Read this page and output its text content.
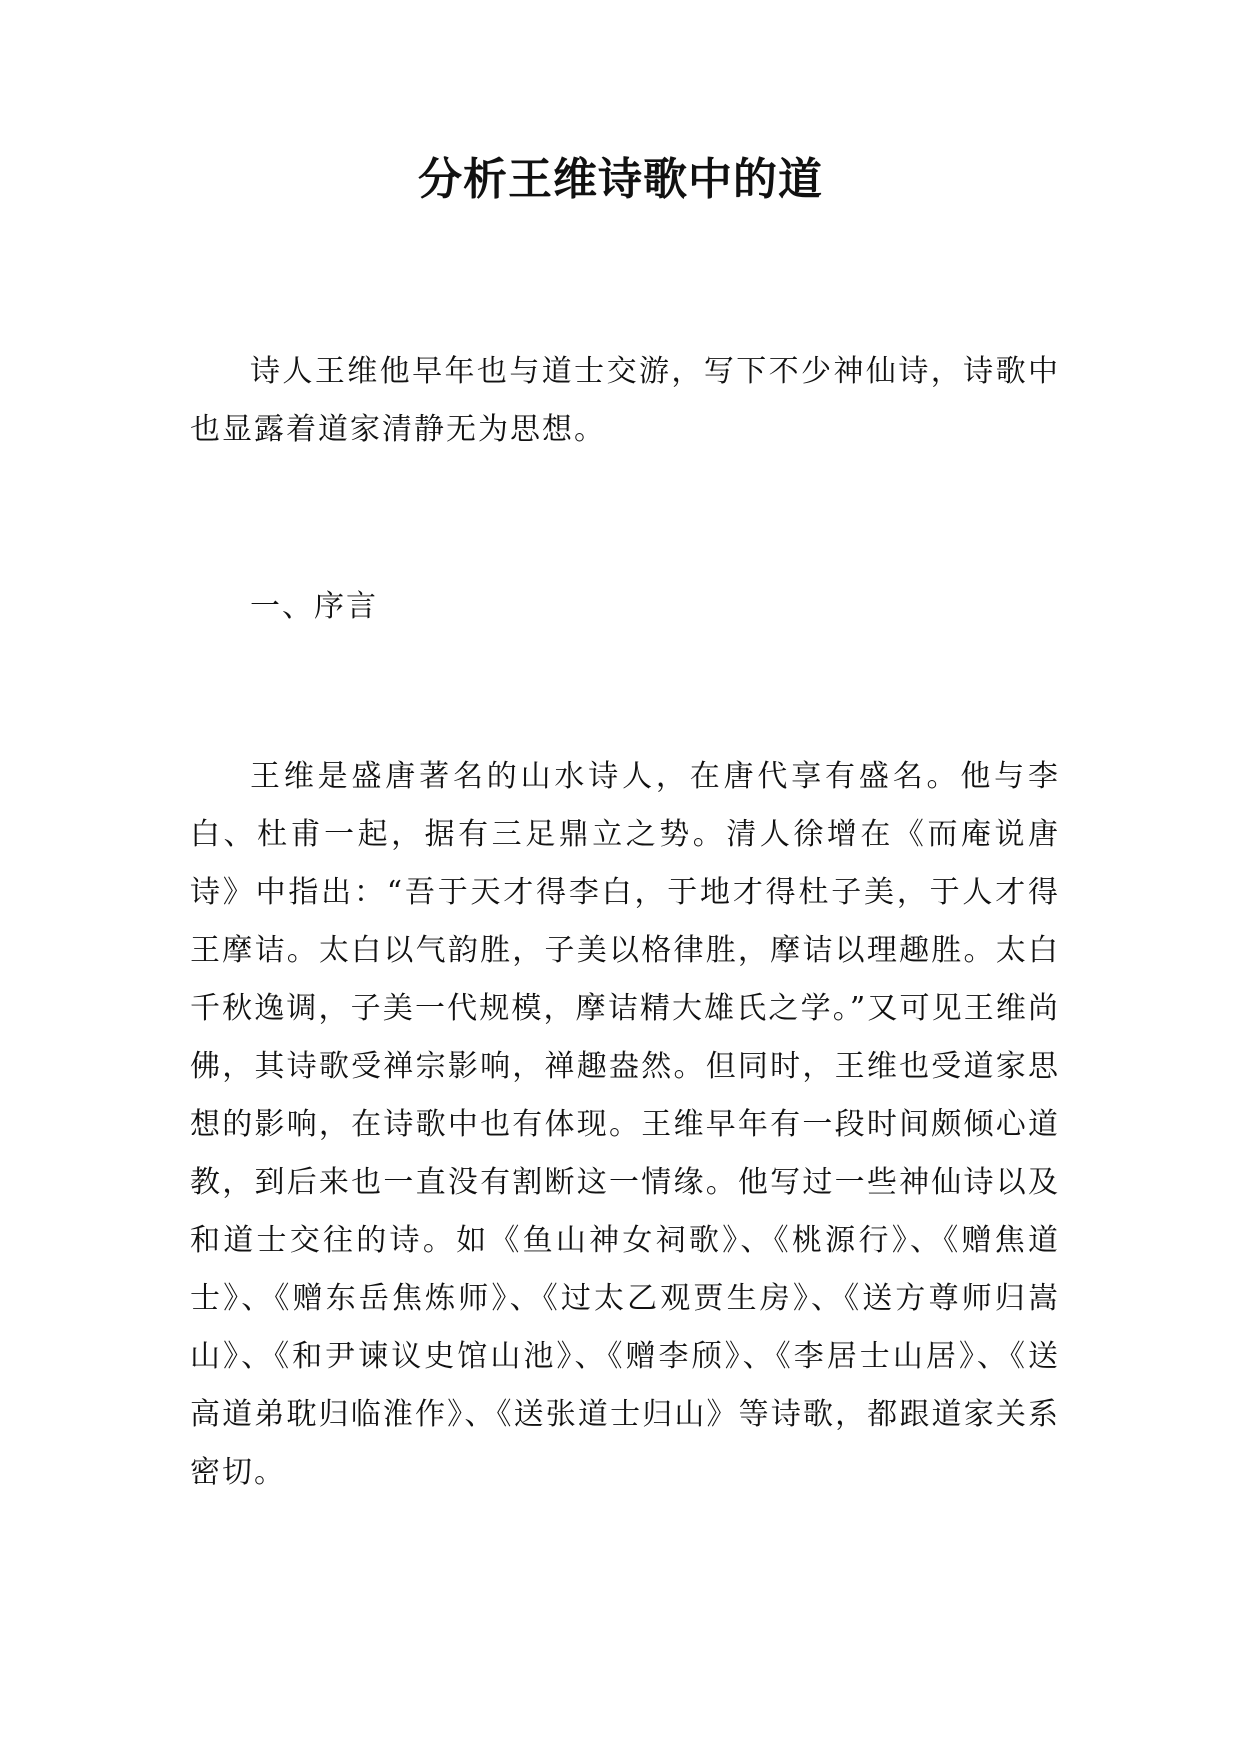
分析王维诗歌中的道

诗人王维他早年也与道士交游，写下不少神仙诗，诗歌中也显露着道家清静无为思想。

一、序言

王维是盛唐著名的山水诗人，在唐代享有盛名。他与李白、杜甫一起，据有三足鼎立之势。清人徐增在《而庵说唐诗》中指出：“吾于天才得李白，于地才得杜子美，于人才得王摩诘。太白以气韵胜，子美以格律胜，摩诘以理趣胜。太白千秋逸调，子美一代规模，摩诘精大雄氏之学。”又可见王维尚佛，其诗歌受禅宗影响，禅趣盎然。但同时，王维也受道家思想的影响，在诗歌中也有体现。王维早年有一段时间颇倾心道教，到后来也一直没有割断这一情缘。他写过一些神仙诗以及和道士交往的诗。如《鱼山神女祠歌》、《桃源行》、《赠焦道士》、《赠东岳焦炼师》、《过太乙观贾生房》、《送方尊师归嵩山》、《和尹谏议史馆山池》、《赠李颀》、《李居士山居》、《送高道弟耽归临淮作》、《送张道士归山》等诗歌，都跟道家关系密切。
